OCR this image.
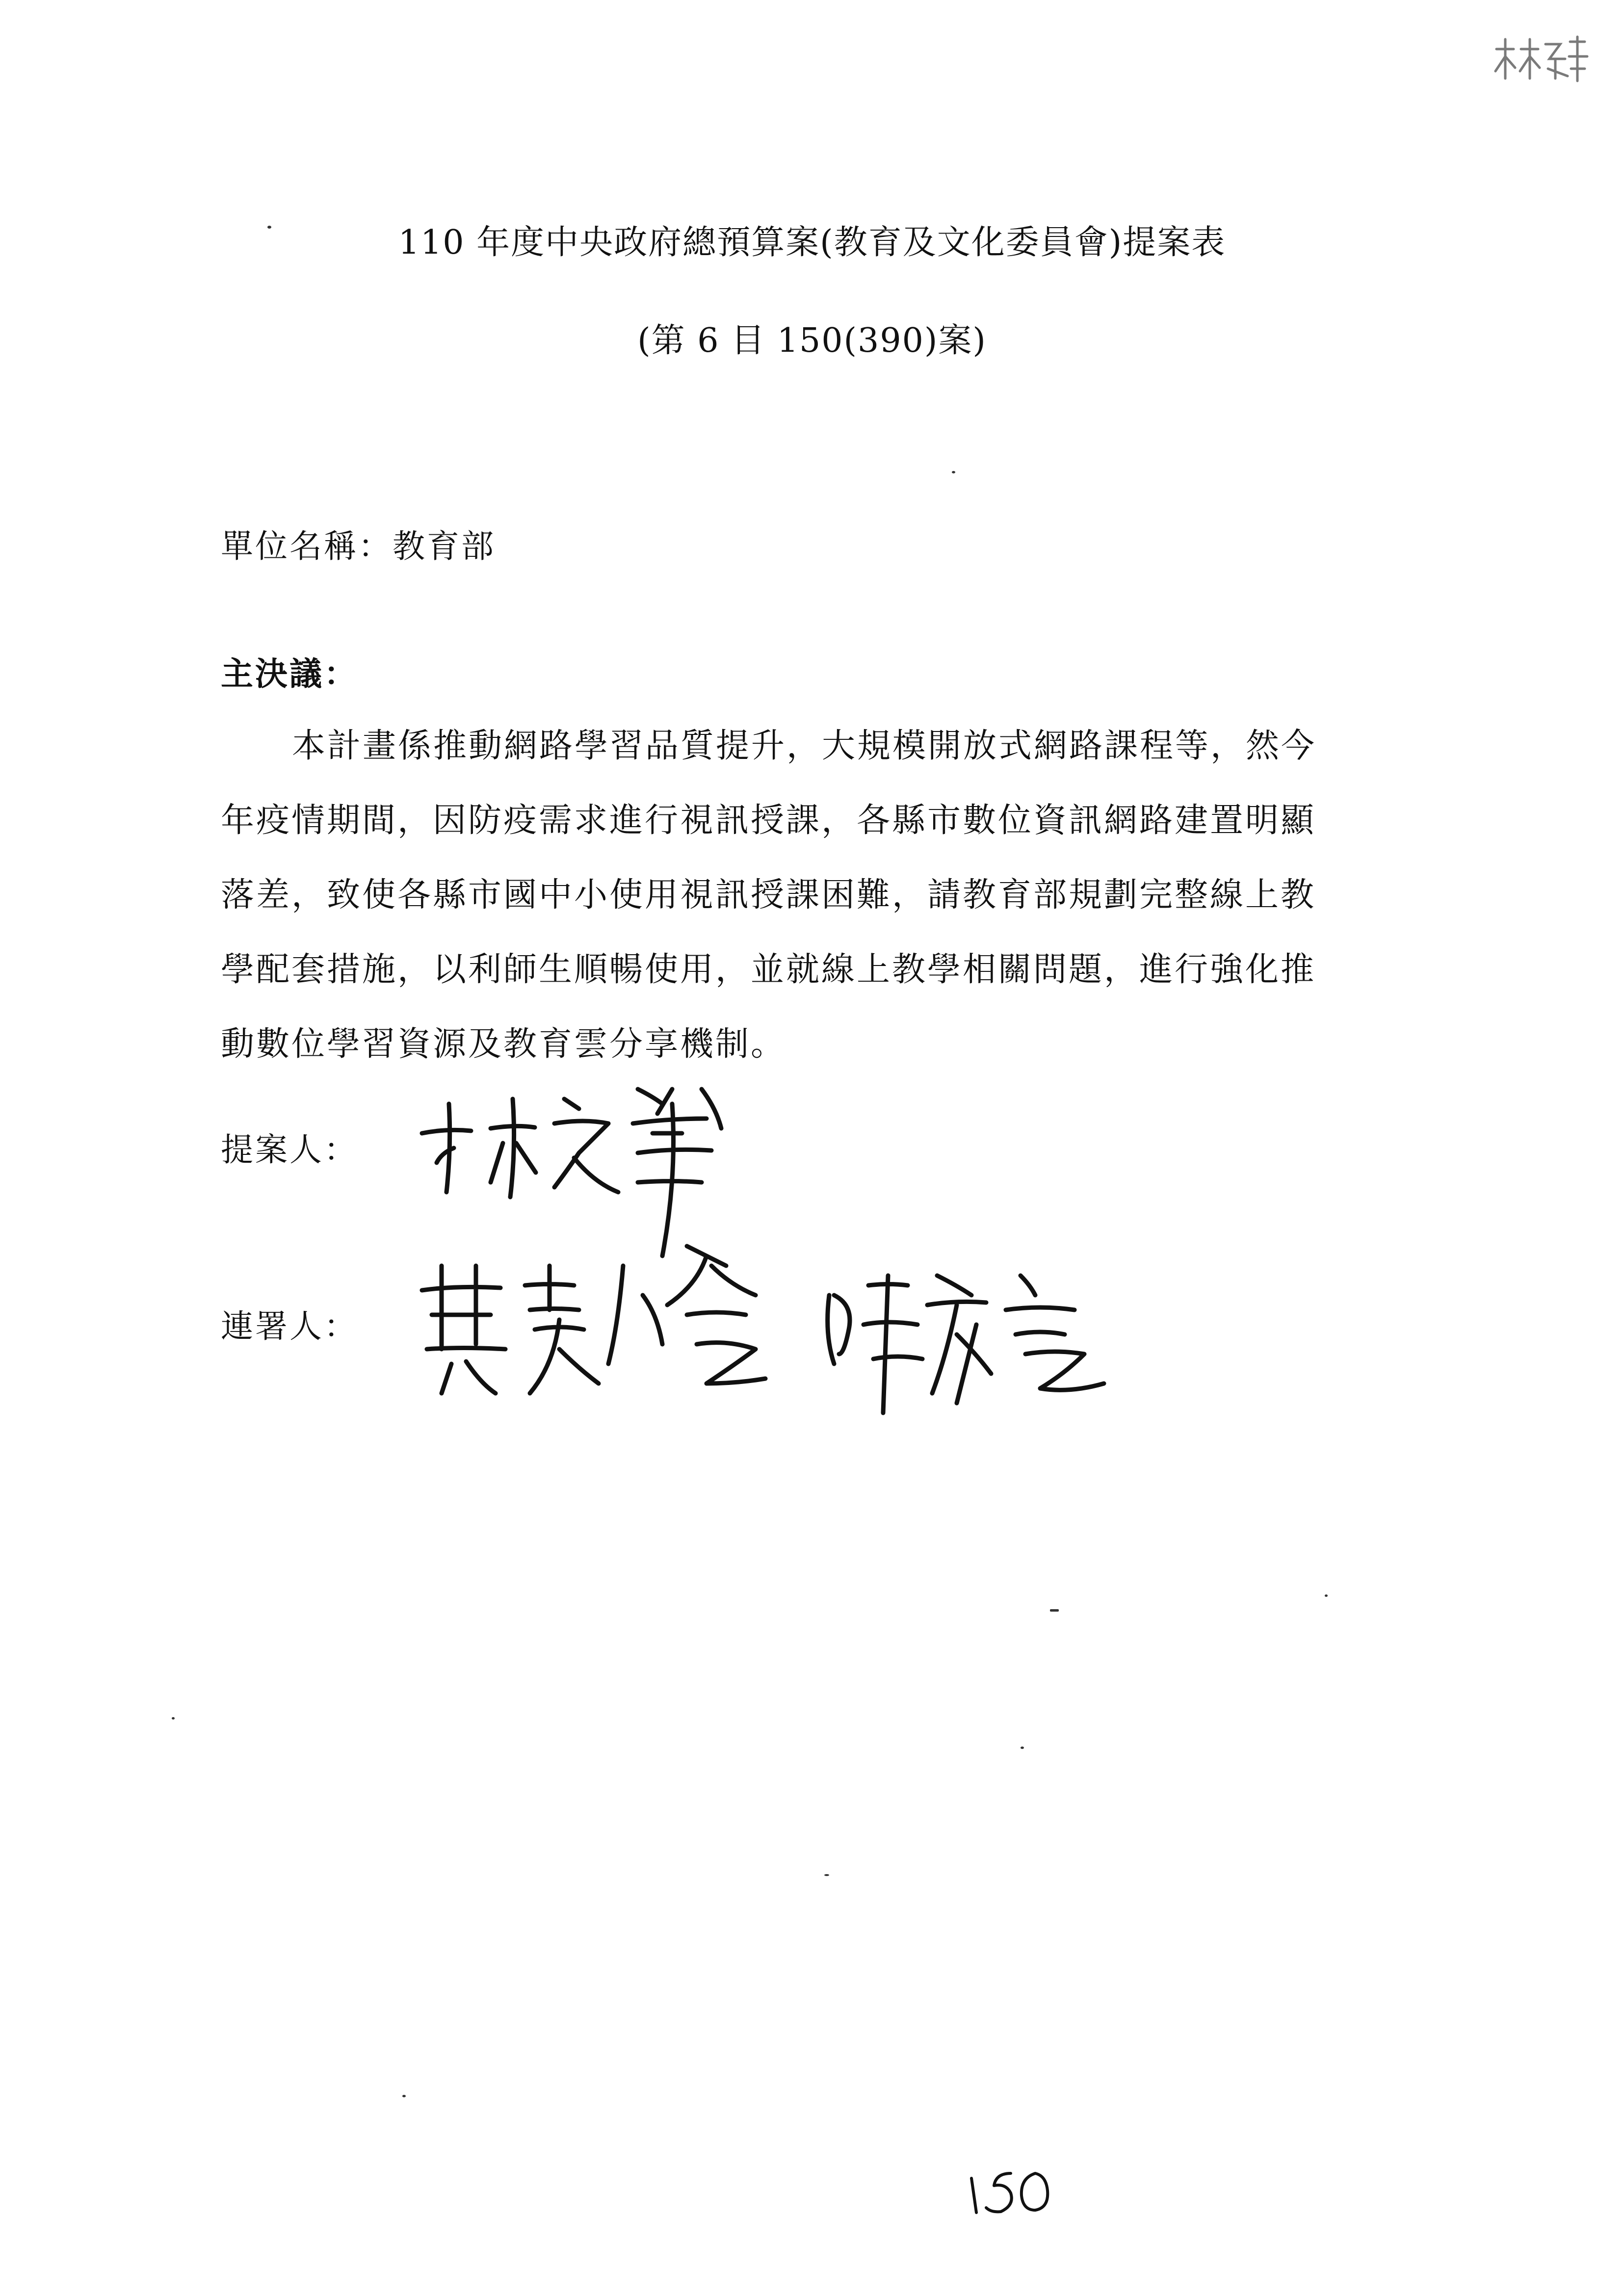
110 年度中央政府總預算案(教育及文化委員會)提案表
(第 6 目 150(390)案)
單位名稱：教育部
主決議：
本計畫係推動網路學習品質提升，大規模開放式網路課程等，然今
年疫情期間，因防疫需求進行視訊授課，各縣市數位資訊網路建置明顯
落差，致使各縣市國中小使用視訊授課困難，請教育部規劃完整線上教
學配套措施，以利師生順暢使用，並就線上教學相關問題，進行強化推
動數位學習資源及教育雲分享機制。
提案人：
連署人：
